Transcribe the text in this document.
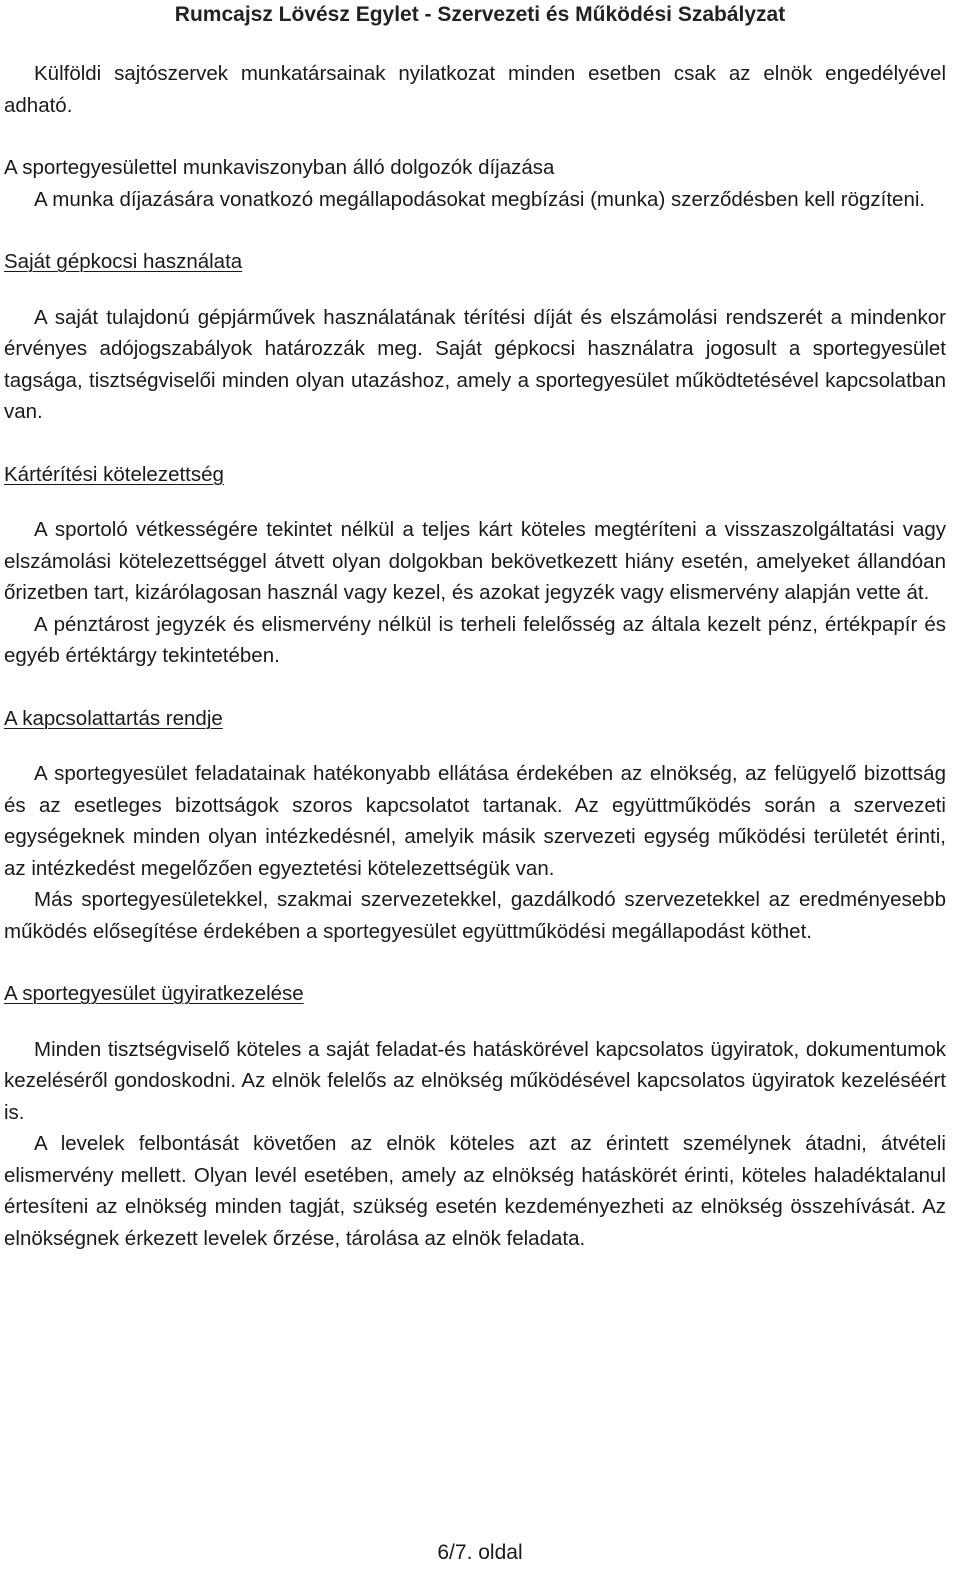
Rumcajsz Lövész Egylet - Szervezeti és Működési Szabályzat

Külföldi sajtószervek munkatársainak nyilatkozat minden esetben csak az elnök engedélyével adható.

A sportegyesülettel munkaviszonyban álló dolgozók díjazása

A munka díjazására vonatkozó megállapodásokat megbízási (munka) szerződésben kell rögzíteni.

Saját gépkocsi használata

A saját tulajdonú gépjárművek használatának térítési díját és elszámolási rendszerét a mindenkor érvényes adójogszabályok határozzák meg. Saját gépkocsi használatra jogosult a sportegyesület tagsága, tisztségviselői minden olyan utazáshoz, amely a sportegyesület működtetésével kapcsolatban van.

Kártérítési kötelezettség

A sportoló vétkességére tekintet nélkül a teljes kárt köteles megtéríteni a visszaszolgáltatási vagy elszámolási kötelezettséggel átvett olyan dolgokban bekövetkezett hiány esetén, amelyeket állandóan őrizetben tart, kizárólagosan használ vagy kezel, és azokat jegyzék vagy elismervény alapján vette át.

A pénztárost jegyzék és elismervény nélkül is terheli felelősség az általa kezelt pénz, értékpapír és egyéb értéktárgy tekintetében.

A kapcsolattartás rendje

A sportegyesület feladatainak hatékonyabb ellátása érdekében az elnökség, az felügyelő bizottság és az esetleges bizottságok szoros kapcsolatot tartanak. Az együttműködés során a szervezeti egységeknek minden olyan intézkedésnél, amelyik másik szervezeti egység működési területét érinti, az intézkedést megelőzően egyeztetési kötelezettségük van.

Más sportegyesületekkel, szakmai szervezetekkel, gazdálkodó szervezetekkel az eredményesebb működés elősegítése érdekében a sportegyesület együttműködési megállapodást köthet.

A sportegyesület ügyiratkezelése

Minden tisztségviselő köteles a saját feladat-és hatáskörével kapcsolatos ügyiratok, dokumentumok kezeléséről gondoskodni. Az elnök felelős az elnökség működésével kapcsolatos ügyiratok kezeléséért is.

A levelek felbontását követően az elnök köteles azt az érintett személynek átadni, átvételi elismervény mellett. Olyan levél esetében, amely az elnökség hatáskörét érinti, köteles haladéktalanul értesíteni az elnökség minden tagját, szükség esetén kezdeményezheti az elnökség összehívását. Az elnökségnek érkezett levelek őrzése, tárolása az elnök feladata.

6/7. oldal
